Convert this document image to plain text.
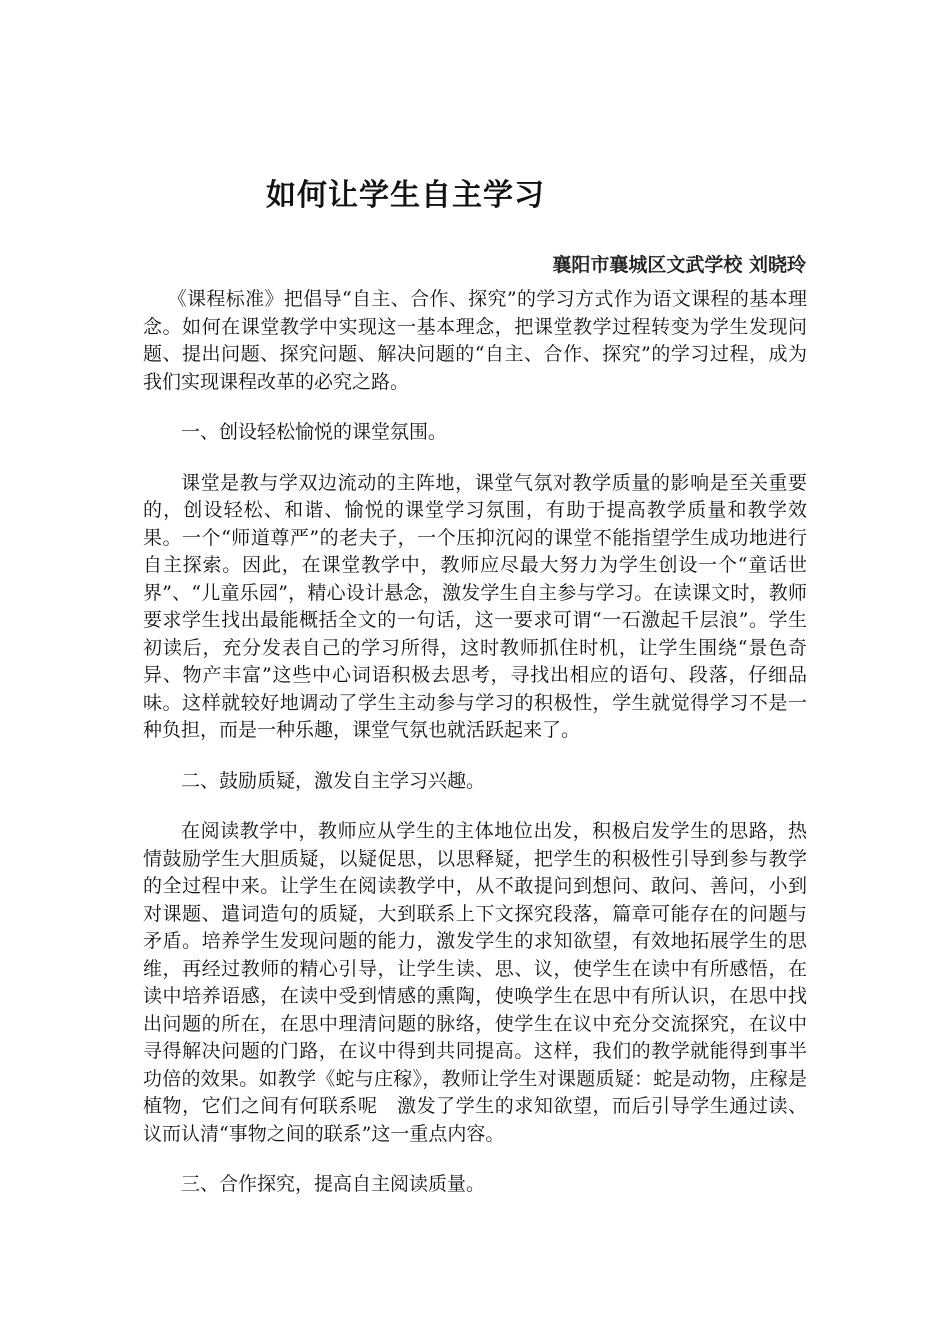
如何让学生自主学习
襄阳市襄城区文武学校 刘晓玲

《课程标准》把倡导“自主、合作、探究”的学习方式作为语文课程的基本理念。如何在课堂教学中实现这一基本理念，把课堂教学过程转变为学生发现问题、提出问题、探究问题、解决问题的“自主、合作、探究”的学习过程，成为我们实现课程改革的必究之路。

一、创设轻松愉悦的课堂氛围。

课堂是教与学双边流动的主阵地，课堂气氛对教学质量的影响是至关重要的，创设轻松、和谐、愉悦的课堂学习氛围，有助于提高教学质量和教学效果。一个“师道尊严”的老夫子，一个压抑沉闷的课堂不能指望学生成功地进行自主探索。因此，在课堂教学中，教师应尽最大努力为学生创设一个“童话世界”、“儿童乐园”，精心设计悬念，激发学生自主参与学习。在读课文时，教师要求学生找出最能概括全文的一句话，这一要求可谓“一石激起千层浪”。学生初读后，充分发表自己的学习所得，这时教师抓住时机，让学生围绕“景色奇异、物产丰富”这些中心词语积极去思考，寻找出相应的语句、段落，仔细品味。这样就较好地调动了学生主动参与学习的积极性，学生就觉得学习不是一种负担，而是一种乐趣，课堂气氛也就活跃起来了。

二、鼓励质疑，激发自主学习兴趣。

在阅读教学中，教师应从学生的主体地位出发，积极启发学生的思路，热情鼓励学生大胆质疑，以疑促思，以思释疑，把学生的积极性引导到参与教学的全过程中来。让学生在阅读教学中，从不敢提问到想问、敢问、善问，小到对课题、遣词造句的质疑，大到联系上下文探究段落，篇章可能存在的问题与矛盾。培养学生发现问题的能力，激发学生的求知欲望，有效地拓展学生的思维，再经过教师的精心引导，让学生读、思、议，使学生在读中有所感悟，在读中培养语感，在读中受到情感的熏陶，使唤学生在思中有所认识，在思中找出问题的所在，在思中理清问题的脉络，使学生在议中充分交流探究，在议中寻得解决问题的门路，在议中得到共同提高。这样，我们的教学就能得到事半功倍的效果。如教学《蛇与庄稼》，教师让学生对课题质疑：蛇是动物，庄稼是植物，它们之间有何联系呢　激发了学生的求知欲望，而后引导学生通过读、议而认清“事物之间的联系”这一重点内容。

三、合作探究，提高自主阅读质量。
